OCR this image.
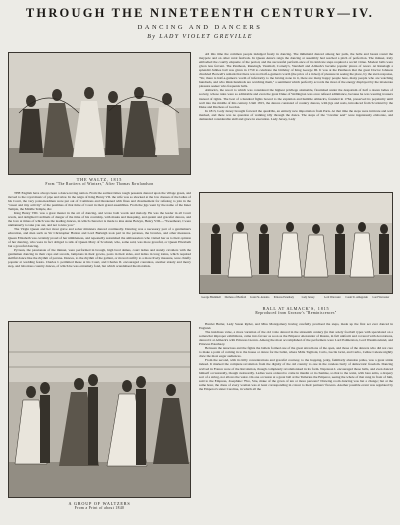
THROUGH THE NINETEENTH CENTURY—IV.
DANCING AND DANCERS
By LADY VIOLET GREVILLE
THE WALTZ, 1815
From "The Rurtiers of Wintzer," After Thomas Rowlandson

All this time the common people indulged freely in dancing. The milkmaid danced among her pails, the belle and beaux round the maypole and on other rural festivals. In Queen Anne's reign the dancing at assembly had reached a pitch of perfection. The minuet, truly embodied the courtly etiquette of the period, and the successful perform-ance of its intricate steps required a social virtue. Modest balls were given less fervent. The Pantheon, Ranelagh, Vauxhall, Cornely's, Vauxhall and Almack's became popular places of resort. At Ranelagh a splendid Jubilee ball was given in 1759 to celebrate the birthday of King George III. It was at the Pantheon that the great Doctor Johnson chuckled Boswell's remark that there was not half-a-guinea's worth (the price of a ticket) of pleasure in seeing the place, by the stern response, "Sir, there is half-a-guinea's worth of inferiority to me having none in it, there are many happy people here, many people who are watching hundreds, and who think hundreds are watching them," a sentiment which perfectly accords the most of the energy displayed by the inveterate pleasure seeker who frequents balls.

Almack's, the resort to which was considered the highest privilege attainable, flourished under the despotism of half a dozen ladies of society, whose rules were so admirable and even the great Duke of Wellington was once refused admittance, because he was wearing trousers instead of tights. The best of a hundred fights bowed to the expiation and humble Almack's, founded in 1764, preserved its popularity until well into the middle of this century. Until 1815, the dances consisted of country dances, with jigs and reels, introduced from Scotland by the Duke and Duchess of Gordon.

In 1813, Lady Jersey brought forward the quadrille, an entirely new importation from Paris. At that time the steps were intricate and well marked, and there was no question of walking idly through the dance. The steps of the "cavalier seul" were ingeniously elaborate, and demanded considerable skill and grace in execution. Lady Jersey, Lady

THE English have always been a dance-loving nation. From the earliest times rough peasants danced upon the village green, and moved to the royal music of pipe and tabor. In the reign of King Henry VII. the wife was so shocked at the low dresses of the ladies of his Court, the very poles-headmen were put out of Commons and threatened with fines and chastisement for refusing to join in the "sweet and tiny activity" of the pastimes of that time of Court in their grand assemblies. From the jigs went by the name of the Inner Temple, the Middle Temple, &c.

King Henry VIII. was a great master in the art of dancing, and wrote both words and melody. He was the leader in all Court revels, and delighted Cardinals of danger of the time of his courtship, with masks and masquing, and quaint and graceful dances, and the love at times of which was the leading dances, in which character is made to kiss Anne Boleyn, Henry VIII.—"Sweetheart, I were unmannerly to take you out, and not to kiss you."

The Virgin Queen and her most grave and sober ministers danced continually. Dancing was a necessary part of a gentleman's education, and men such as Sir Christopher Hatton and Lord Burleigh took part in the pavanes, the brawles, and other measures. Queen Elizabeth was certainly proud of her nimbleness, and repeatedly astonished the ambassadors who visited her as to their opinion of her dancing, who were in fact obliged to talk of Queen Mary of Scotland, who, some said, was more graceful, or Queen Elizabeth but a graceful dancing.

Pyrrean, the passionate of the minuet, were performed in brough, high bred dames, court ladies and stately cavaliers with the gentlemen dancing in their caps and swords, lampions in their gowns, posts in their sides, and ladies in long trains, which required skillful dance like the rhythm of pavane. Dances, to the rhythm of the gallant, or moved swiftly to a more lively measure, were chiefly popular at wedding feasts. Charles I. permitted these at his Court, and Charles II. encouraged courantos, another stately and merry step, and laborious country dances, of which he was extremely fond, but which scandalised the moralists.

George Brummell	Duchess of Bedford	Count St. Antonio	Princess Esterhazy	Lady Jersey	Lord Worcester	Count St. Aldegonde	Lord Worcester
BALL AT ALMACK'S, 1815
Reproduced from Gronow's "Reminiscences"
A GROUP OF WALTZERS
From a Print of about 1840

Harriet Butler, Lady Susan Ryder, and Miss Montgomery having carefully practised the steps, made up the first set ever danced in England.

The insidious valse, a more variation of the old volte danced in the sixteenth century (in that solely football types with speculated on a somewhat improper exhibitions, came into favour as soon as the Emperor Alexander of Russia, in full uniform and covered with decorations, danced it at Almack's with Princess Lieven. Among the most accomplished of the performers were Lord Palmerston, Lord Westmoreland, and Princess Esterhazy.

Between the tenacious and the fights the ballets formed one of the great attractions of the open, and those of the dancers who did not care to make a point of coming in to the house or dance for the ballet, where Mdle Taglioni, Carlo, Lucile Grisi, and Cerito, Celine Celeste nightly drew the most eager audiences.

From the second, with its hilly concentrations and graceful courtesy, to the hopping, jerky, familiarly abandon polka, was a great stride indeed. It marked the complete revolution from the dignity of the old country to one in the careless burly of democratic freedom. Dancing revived in France were of the Revolution, though completely revolutionised in its form. Napoleon I. encouraged those balls, and even danced himself occasionally, though awkwardly. Ladies were ordered to come in muslin or in chemise, so that to the waist, with bare arms, a drapery sort of a string, not allows the waist. On one occasion at a great ball at the Tuileries the Emperor, seeing the whole of that rung in front of him, said to the Empress, Josephine: 'Fire, Sire, make of the gown of ten or more persons!' Drawing room dancing was but a change; but at the same hour, the dress of every woman was at least corresponding in colour to their partners' flowers. Another possible event was regulated by the Emperor's sister Caroline, in which all the
